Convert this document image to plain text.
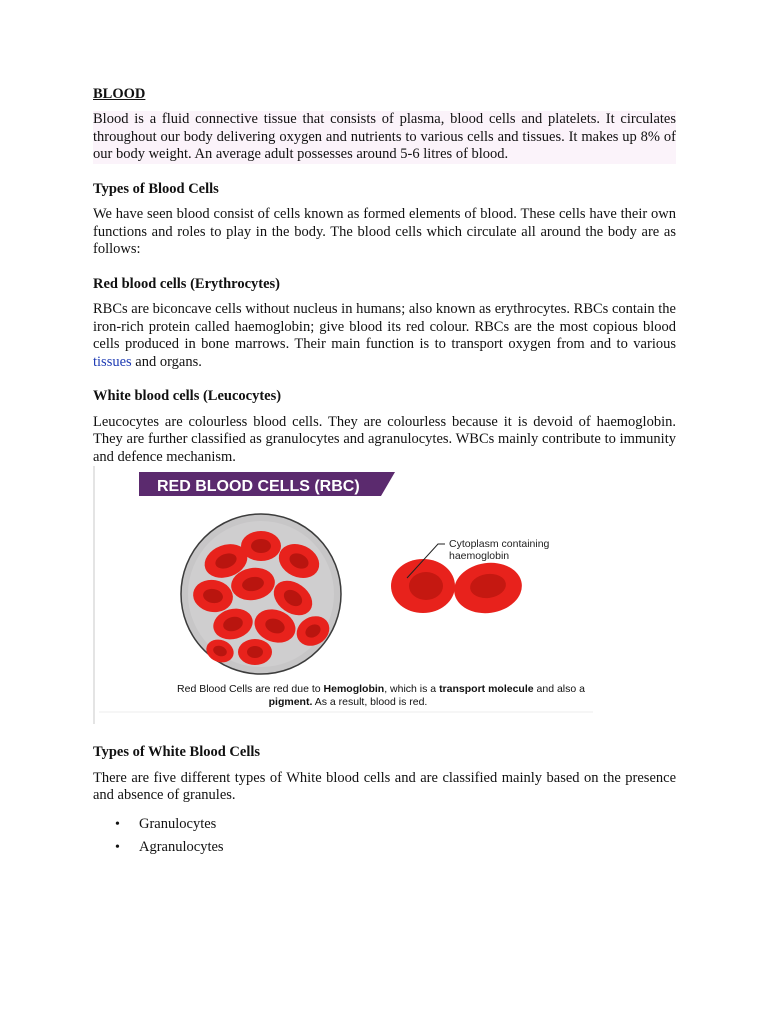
BLOOD

Blood is a fluid connective tissue that consists of plasma, blood cells and platelets. It circulates throughout our body delivering oxygen and nutrients to various cells and tissues. It makes up 8% of our body weight. An average adult possesses around 5-6 litres of blood.

Types of Blood Cells

We have seen blood consist of cells known as formed elements of blood. These cells have their own functions and roles to play in the body. The blood cells which circulate all around the body are as follows:

Red blood cells (Erythrocytes)

RBCs are biconcave cells without nucleus in humans; also known as erythrocytes. RBCs contain the iron-rich protein called haemoglobin; give blood its red colour. RBCs are the most copious blood cells produced in bone marrows. Their main function is to transport oxygen from and to various tissues and organs.

White blood cells (Leucocytes)

Leucocytes are colourless blood cells. They are colourless because it is devoid of haemoglobin. They are further classified as granulocytes and agranulocytes. WBCs mainly contribute to immunity and defence mechanism.

RED BLOOD CELLS (RBC)
Cytoplasm containing
haemoglobin
Red Blood Cells are red due to Hemoglobin, which is a transport molecule and also a
pigment. As a result, blood is red.
Types of White Blood Cells

There are five different types of White blood cells and are classified mainly based on the presence and absence of granules.

• Granulocytes
• Agranulocytes
